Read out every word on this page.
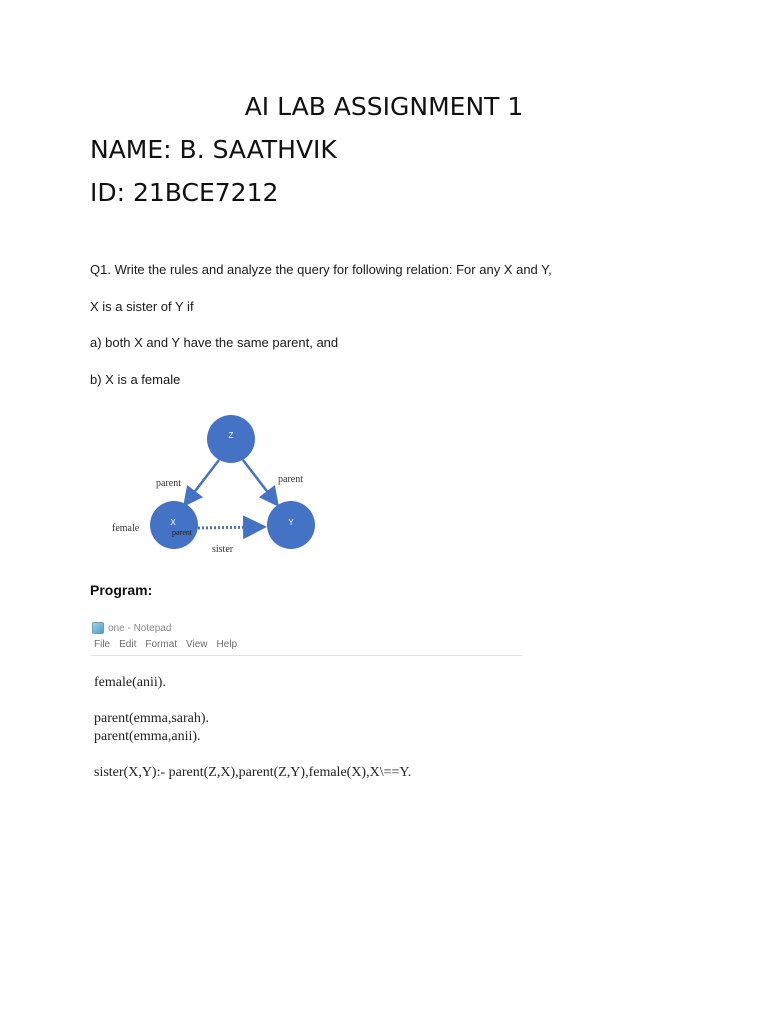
AI LAB ASSIGNMENT 1
NAME: B. SAATHVIK
ID: 21BCE7212
Q1. Write the rules and analyze the query for following relation: For any X and Y,
X is a sister of Y if
a) both X and Y have the same parent, and
b) X is a female
Z
X	Y
parent
parent	parent
female
sister
Program:
one - Notepad
File Edit Format View Help
female(anii).
parent(emma,sarah).
parent(emma,anii).
sister(X,Y):- parent(Z,X),parent(Z,Y),female(X),X\==Y.
